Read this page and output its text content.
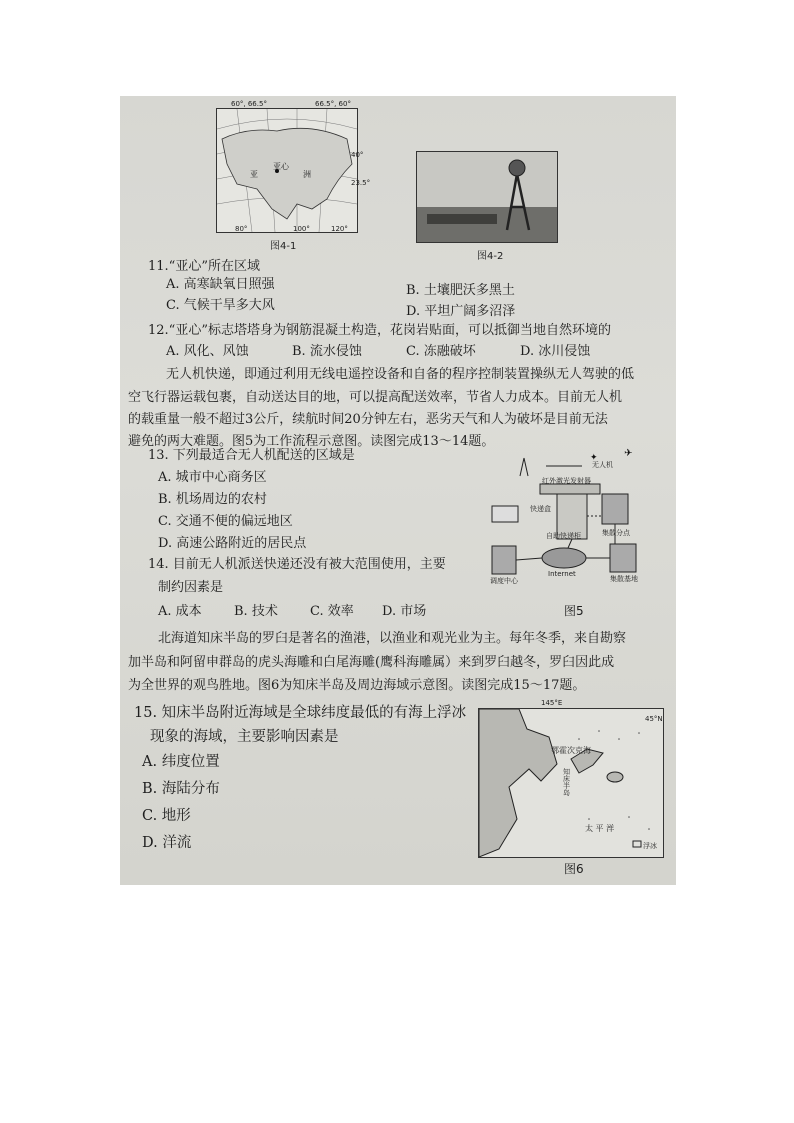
60°, 66.5°	66.5°, 60°
40°
23.5°
亚心
亚	洲
80°	100°	120°
图4-1
图4-2
11.“亚心”所在区域
A. 高寒缺氧日照强	B. 土壤肥沃多黑土
C. 气候干旱多大风	D. 平坦广阔多沼泽
12.“亚心”标志塔塔身为钢筋混凝土构造，花岗岩贴面，可以抵御当地自然环境的
A. 风化、风蚀	B. 流水侵蚀	C. 冻融破坏	D. 冰川侵蚀
无人机快递，即通过利用无线电遥控设备和自备的程序控制装置操纵无人驾驶的低
空飞行器运载包裹，自动送达目的地，可以提高配送效率，节省人力成本。目前无人机
的载重量一般不超过3公斤，续航时间20分钟左右，恶劣天气和人为破坏是目前无法
避免的两大难题。图5为工作流程示意图。读图完成13～14题。
13. 下列最适合无人机配送的区域是
A. 城市中心商务区
B. 机场周边的农村
C. 交通不便的偏远地区
D. 高速公路附近的居民点
14. 目前无人机派送快递还没有被大范围使用，主要
制约因素是
A. 成本 B. 技术 C. 效率 D. 市场
✈
✦
无人机
红外激光发射器
快递盒
自助快递柜	集散分点
Internet
调度中心	集散基地
图5
北海道知床半岛的罗臼是著名的渔港，以渔业和观光业为主。每年冬季，来自勘察
加半岛和阿留申群岛的虎头海雕和白尾海雕(鹰科海雕属）来到罗臼越冬，罗臼因此成
为全世界的观鸟胜地。图6为知床半岛及周边海域示意图。读图完成15～17题。
15. 知床半岛附近海域是全球纬度最低的有海上浮冰
现象的海域，主要影响因素是
A. 纬度位置
B. 海陆分布
C. 地形
D. 洋流
145°E
45°N
鄂霍次克海
知床半岛
太 平 洋
浮冰
图6
